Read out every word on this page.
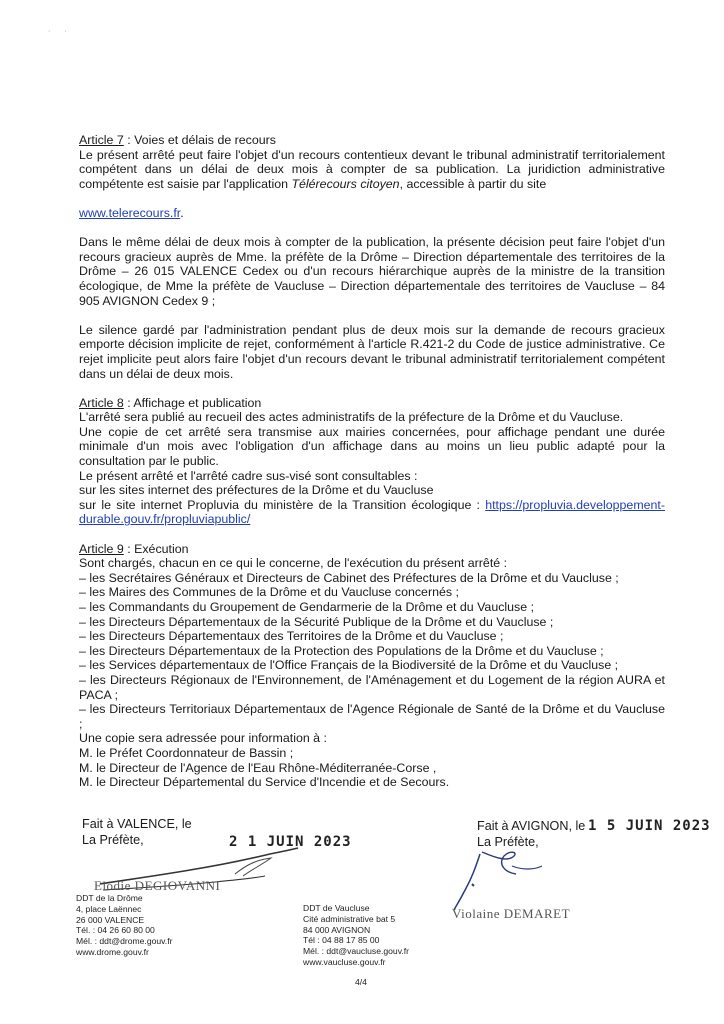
· ·

Article 7 : Voies et délais de recours

Le présent arrêté peut faire l'objet d'un recours contentieux devant le tribunal administratif territorialement compétent dans un délai de deux mois à compter de sa publication. La juridiction administrative compétente est saisie par l'application Télérecours citoyen, accessible à partir du site

www.telerecours.fr.

Dans le même délai de deux mois à compter de la publication, la présente décision peut faire l'objet d'un recours gracieux auprès de Mme. la préfète de la Drôme – Direction départementale des territoires de la Drôme – 26 015 VALENCE Cedex ou d'un recours hiérarchique auprès de la ministre de la transition écologique, de Mme la préfète de Vaucluse – Direction départementale des territoires de Vaucluse – 84 905 AVIGNON Cedex 9 ;

Le silence gardé par l'administration pendant plus de deux mois sur la demande de recours gracieux emporte décision implicite de rejet, conformément à l'article R.421-2 du Code de justice administrative. Ce rejet implicite peut alors faire l'objet d'un recours devant le tribunal administratif territorialement compétent dans un délai de deux mois.

Article 8 : Affichage et publication

L'arrêté sera publié au recueil des actes administratifs de la préfecture de la Drôme et du Vaucluse.

Une copie de cet arrêté sera transmise aux mairies concernées, pour affichage pendant une durée minimale d'un mois avec l'obligation d'un affichage dans au moins un lieu public adapté pour la consultation par le public.

Le présent arrêté et l'arrêté cadre sus-visé sont consultables :

sur les sites internet des préfectures de la Drôme et du Vaucluse

sur le site internet Propluvia du ministère de la Transition écologique : https://propluvia.developpement-durable.gouv.fr/propluviapublic/

Article 9 : Exécution

Sont chargés, chacun en ce qui le concerne, de l'exécution du présent arrêté :

– les Secrétaires Généraux et Directeurs de Cabinet des Préfectures de la Drôme et du Vaucluse ;

– les Maires des Communes de la Drôme et du Vaucluse concernés ;

– les Commandants du Groupement de Gendarmerie de la Drôme et du Vaucluse ;

– les Directeurs Départementaux de la Sécurité Publique de la Drôme et du Vaucluse ;

– les Directeurs Départementaux des Territoires de la Drôme et du Vaucluse ;

– les Directeurs Départementaux de la Protection des Populations de la Drôme et du Vaucluse ;

– les Services départementaux de l'Office Français de la Biodiversité de la Drôme et du Vaucluse ;

– les Directeurs Régionaux de l'Environnement, de l'Aménagement et du Logement de la région AURA et PACA ;

– les Directeurs Territoriaux Départementaux de l'Agence Régionale de Santé de la Drôme et du Vaucluse ;

Une copie sera adressée pour information à :

M. le Préfet Coordonnateur de Bassin ;

M. le Directeur de l'Agence de l'Eau Rhône-Méditerranée-Corse ,

M. le Directeur Départemental du Service d'Incendie et de Secours.

Fait à VALENCE, le
La Préfète,	2 1 JUIN 2023
Elodie DEGIOVANNI
Fait à AVIGNON, le
La Préfète,
1 5 JUIN 2023
Violaine DEMARET

DDT de la Drôme

4, place Laënnec

26 000 VALENCE

Tél. : 04 26 60 80 00

Mél. : ddt@drome.gouv.fr

www.drome.gouv.fr

DDT de Vaucluse

Cité administrative bat 5

84 000 AVIGNON

Tél : 04 88 17 85 00

Mél. : ddt@vaucluse.gouv.fr

www.vaucluse.gouv.fr

4/4
